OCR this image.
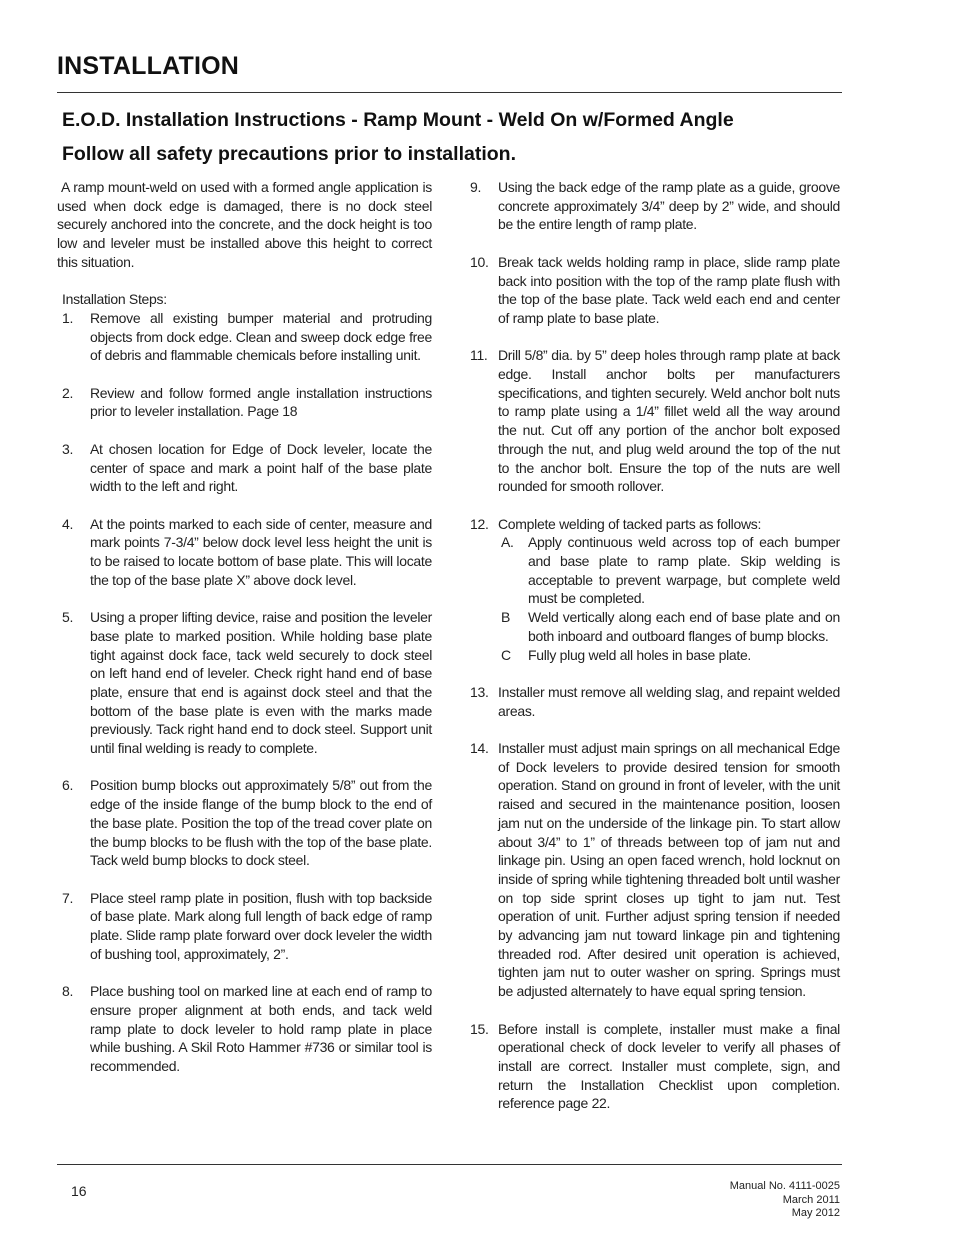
INSTALLATION
E.O.D. Installation Instructions - Ramp Mount - Weld On w/Formed Angle
Follow all safety precautions prior to installation.

A ramp mount-weld on used with a formed angle application is used when dock edge is damaged, there is no dock steel securely anchored into the concrete, and the dock height is too low and leveler must be installed above this height to correct this situation.

Installation Steps:

1.	Remove all existing bumper material and protruding objects from dock edge. Clean and sweep dock edge free of debris and flammable chemicals before installing unit.
2.	Review and follow formed angle installation instructions prior to leveler installation. Page 18
3.	At chosen location for Edge of Dock leveler, locate the center of space and mark a point half of the base plate width to the left and right.
4.	At the points marked to each side of center, measure and mark points 7-3/4” below dock level less height the unit is to be raised to locate bottom of base plate. This will locate the top of the base plate X” above dock level.
5.	Using a proper lifting device, raise and position the leveler base plate to marked position. While holding base plate tight against dock face, tack weld securely to dock steel on left hand end of leveler. Check right hand end of base plate, ensure that end is against dock steel and that the bottom of the base plate is even with the marks made previously. Tack right hand end to dock steel. Support unit until final welding is ready to complete.
6.	Position bump blocks out approximately 5/8” out from the edge of the inside flange of the bump block to the end of the base plate. Position the top of the tread cover plate on the bump blocks to be flush with the top of the base plate. Tack weld bump blocks to dock steel.
7.	Place steel ramp plate in position, flush with top backside of base plate. Mark along full length of back edge of ramp plate. Slide ramp plate forward over dock leveler the width of bushing tool, approximately, 2”.
8.	Place bushing tool on marked line at each end of ramp to ensure proper alignment at both ends, and tack weld ramp plate to dock leveler to hold ramp plate in place while bushing. A Skil Roto Hammer #736 or similar tool is recommended.
9.	Using the back edge of the ramp plate as a guide, groove concrete approximately 3/4” deep by 2” wide, and should be the entire length of ramp plate.
10. Break tack welds holding ramp in place, slide ramp plate back into position with the top of the ramp plate flush with the top of the base plate. Tack weld each end and center of ramp plate to base plate.
11. Drill 5/8” dia. by 5” deep holes through ramp plate at back edge. Install anchor bolts per manufacturers specifications, and tighten securely. Weld anchor bolt nuts to ramp plate using a 1/4” fillet weld all the way around the nut. Cut off any portion of the anchor bolt exposed through the nut, and plug weld around the top of the nut to the anchor bolt. Ensure the top of the nuts are well rounded for smooth rollover.
12. Complete welding of tacked parts as follows:
A.	Apply continuous weld across top of each bumper and base plate to ramp plate. Skip welding is acceptable to prevent warpage, but complete weld must be completed.
B	Weld vertically along each end of base plate and on both inboard and outboard flanges of bump blocks.
C	Fully plug weld all holes in base plate.
13. Installer must remove all welding slag, and repaint welded areas.
14. Installer must adjust main springs on all mechanical Edge of Dock levelers to provide desired tension for smooth operation. Stand on ground in front of leveler, with the unit raised and secured in the maintenance position, loosen jam nut on the underside of the linkage pin. To start allow about 3/4” to 1” of threads between top of jam nut and linkage pin. Using an open faced wrench, hold locknut on inside of spring while tightening threaded bolt until washer on top side sprint closes up tight to jam nut. Test operation of unit. Further adjust spring tension if needed by advancing jam nut toward linkage pin and tightening threaded rod. After desired unit operation is achieved, tighten jam nut to outer washer on spring. Springs must be adjusted alternately to have equal spring tension.
15. Before install is complete, installer must make a final operational check of dock leveler to verify all phases of install are correct. Installer must complete, sign, and return the Installation Checklist upon completion. reference page 22.
16	Manual No. 4111-0025
March 2011
May 2012
